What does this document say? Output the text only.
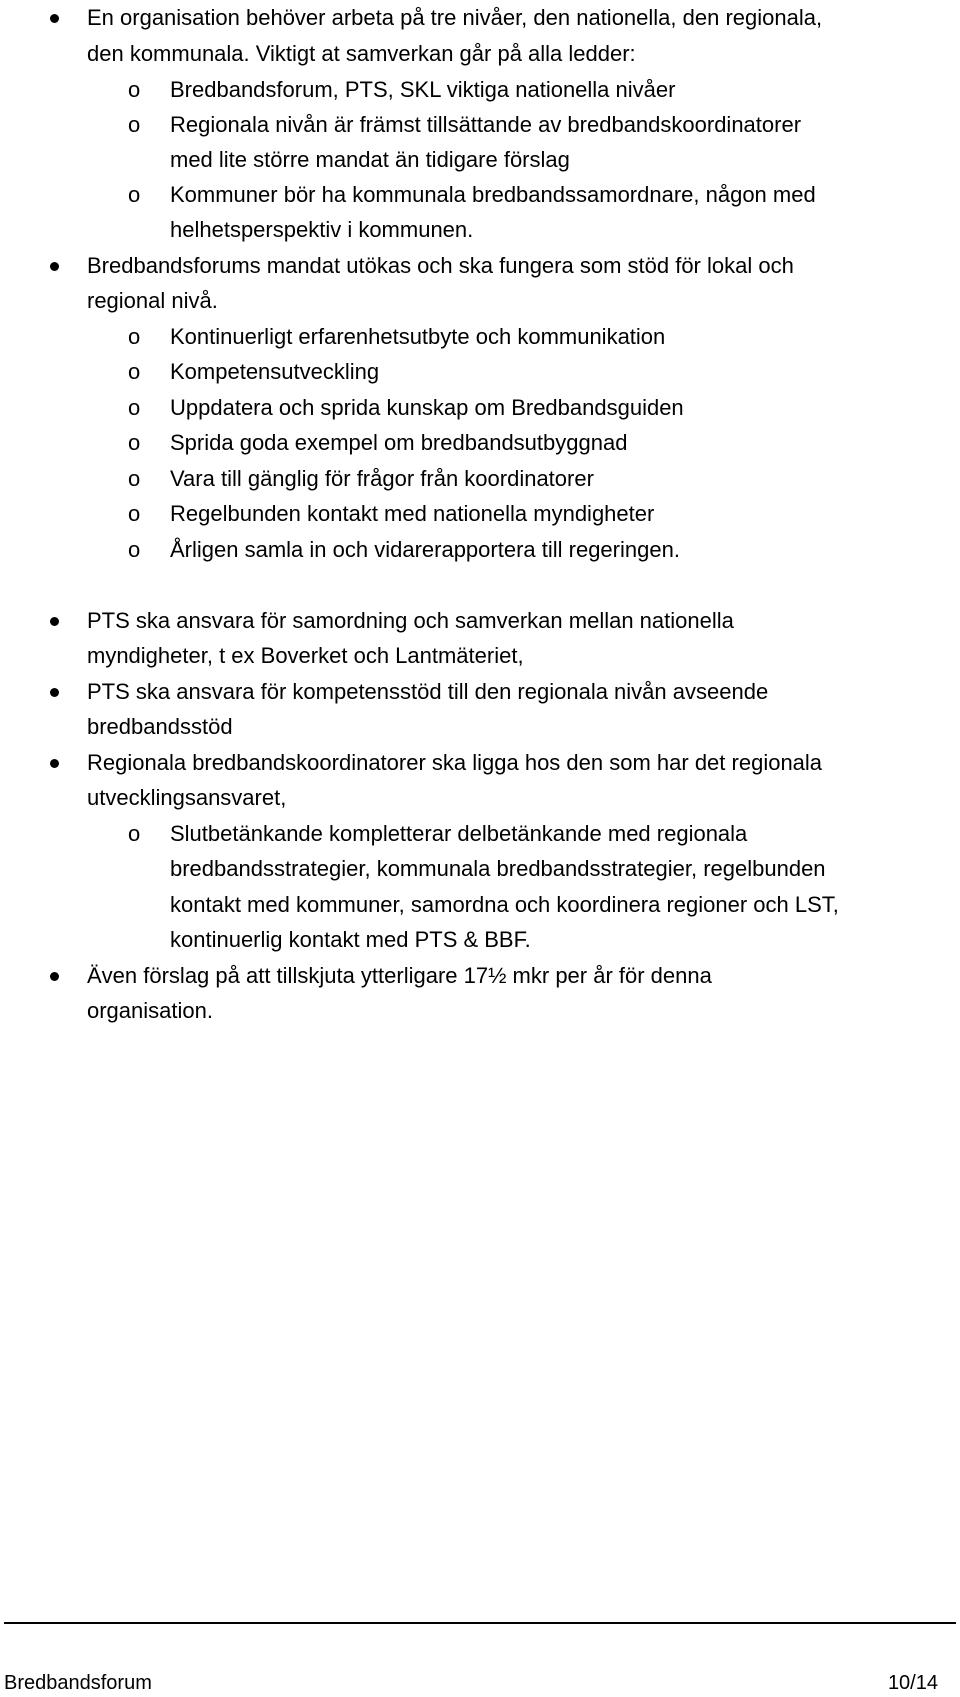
En organisation behöver arbeta på tre nivåer, den nationella, den regionala,
den kommunala. Viktigt at samverkan går på alla ledder:
o Bredbandsforum, PTS, SKL viktiga nationella nivåer
o Regionala nivån är främst tillsättande av bredbandskoordinatorer
med lite större mandat än tidigare förslag
o Kommuner bör ha kommunala bredbandssamordnare, någon med
helhetsperspektiv i kommunen.
Bredbandsforums mandat utökas och ska fungera som stöd för lokal och
regional nivå.
o Kontinuerligt erfarenhetsutbyte och kommunikation
o Kompetensutveckling
o Uppdatera och sprida kunskap om Bredbandsguiden
o Sprida goda exempel om bredbandsutbyggnad
o Vara till gänglig för frågor från koordinatorer
o Regelbunden kontakt med nationella myndigheter
o Årligen samla in och vidarerapportera till regeringen.
PTS ska ansvara för samordning och samverkan mellan nationella
myndigheter, t ex Boverket och Lantmäteriet,
PTS ska ansvara för kompetensstöd till den regionala nivån avseende
bredbandsstöd
Regionala bredbandskoordinatorer ska ligga hos den som har det regionala
utvecklingsansvaret,
o Slutbetänkande kompletterar delbetänkande med regionala
bredbandsstrategier, kommunala bredbandsstrategier, regelbunden
kontakt med kommuner, samordna och koordinera regioner och LST,
kontinuerlig kontakt med PTS & BBF.
Även förslag på att tillskjuta ytterligare 17½ mkr per år för denna
organisation.
Bredbandsforum	10/14
